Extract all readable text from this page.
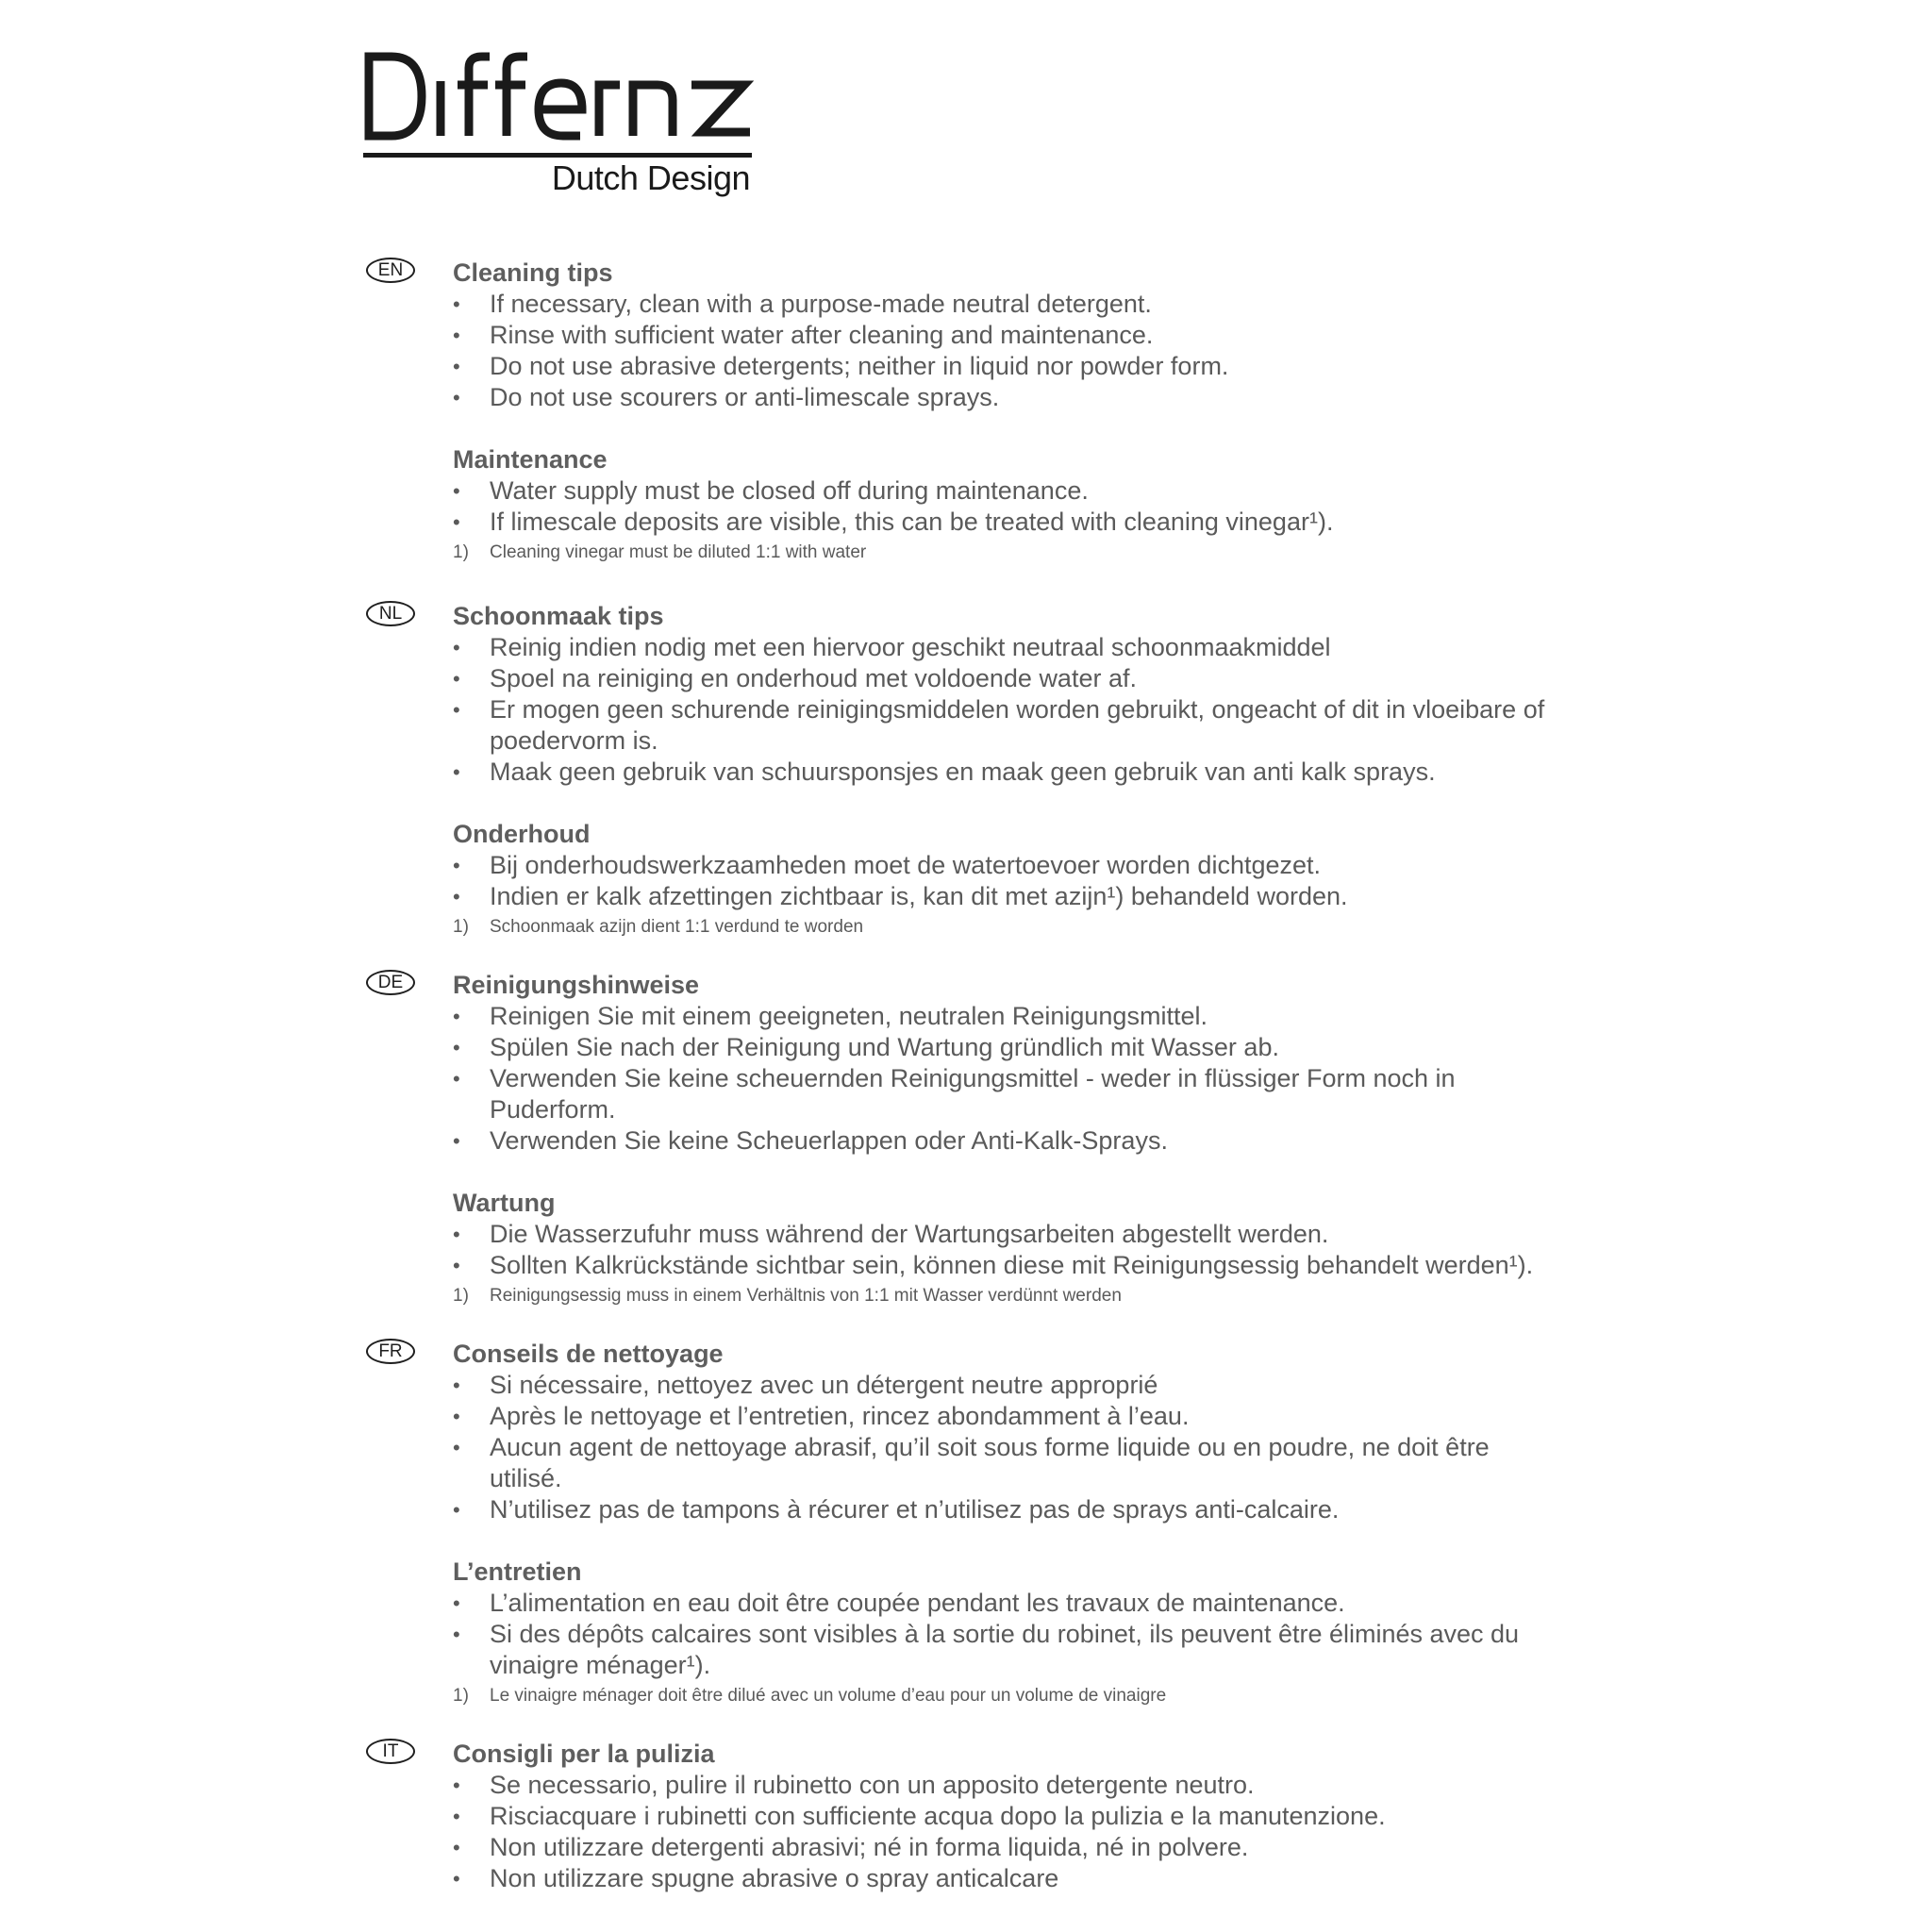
Dutch Design
EN	Cleaning tips
•	If necessary, clean with a purpose-made neutral detergent.
•	Rinse with sufficient water after cleaning and maintenance.
•	Do not use abrasive detergents; neither in liquid nor powder form.
•	Do not use scourers or anti-limescale sprays.
Maintenance
•	Water supply must be closed off during maintenance.
•	If limescale deposits are visible, this can be treated with cleaning vinegar¹).
1) Cleaning vinegar must be diluted 1:1 with water
NL	Schoonmaak tips
•	Reinig indien nodig met een hiervoor geschikt neutraal schoonmaakmiddel
•	Spoel na reiniging en onderhoud met voldoende water af.
•	Er mogen geen schurende reinigingsmiddelen worden gebruikt, ongeacht of dit in vloeibare of poedervorm is.
•	Maak geen gebruik van schuursponsjes en maak geen gebruik van anti kalk sprays.
Onderhoud
•	Bij onderhoudswerkzaamheden moet de watertoevoer worden dichtgezet.
•	Indien er kalk afzettingen zichtbaar is, kan dit met azijn¹) behandeld worden.
1) Schoonmaak azijn dient 1:1 verdund te worden
DE	Reinigungshinweise
•	Reinigen Sie mit einem geeigneten, neutralen Reinigungsmittel.
•	Spülen Sie nach der Reinigung und Wartung gründlich mit Wasser ab.
•	Verwenden Sie keine scheuernden Reinigungsmittel - weder in flüssiger Form noch in Puderform.
•	Verwenden Sie keine Scheuerlappen oder Anti-Kalk-Sprays.
Wartung
•	Die Wasserzufuhr muss während der Wartungsarbeiten abgestellt werden.
•	Sollten Kalkrückstände sichtbar sein, können diese mit Reinigungsessig behandelt werden¹).
1) Reinigungsessig muss in einem Verhältnis von 1:1 mit Wasser verdünnt werden
FR	Conseils de nettoyage
•	Si nécessaire, nettoyez avec un détergent neutre approprié
•	Après le nettoyage et l’entretien, rincez abondamment à l’eau.
•	Aucun agent de nettoyage abrasif, qu’il soit sous forme liquide ou en poudre, ne doit être utilisé.
•	N’utilisez pas de tampons à récurer et n’utilisez pas de sprays anti-calcaire.
L’entretien
•	L’alimentation en eau doit être coupée pendant les travaux de maintenance.
•	Si des dépôts calcaires sont visibles à la sortie du robinet, ils peuvent être éliminés avec du vinaigre ménager¹).
1) Le vinaigre ménager doit être dilué avec un volume d’eau pour un volume de vinaigre
IT	Consigli per la pulizia
•	Se necessario, pulire il rubinetto con un apposito detergente neutro.
•	Risciacquare i rubinetti con sufficiente acqua dopo la pulizia e la manutenzione.
•	Non utilizzare detergenti abrasivi; né in forma liquida, né in polvere.
•	Non utilizzare spugne abrasive o spray anticalcare
